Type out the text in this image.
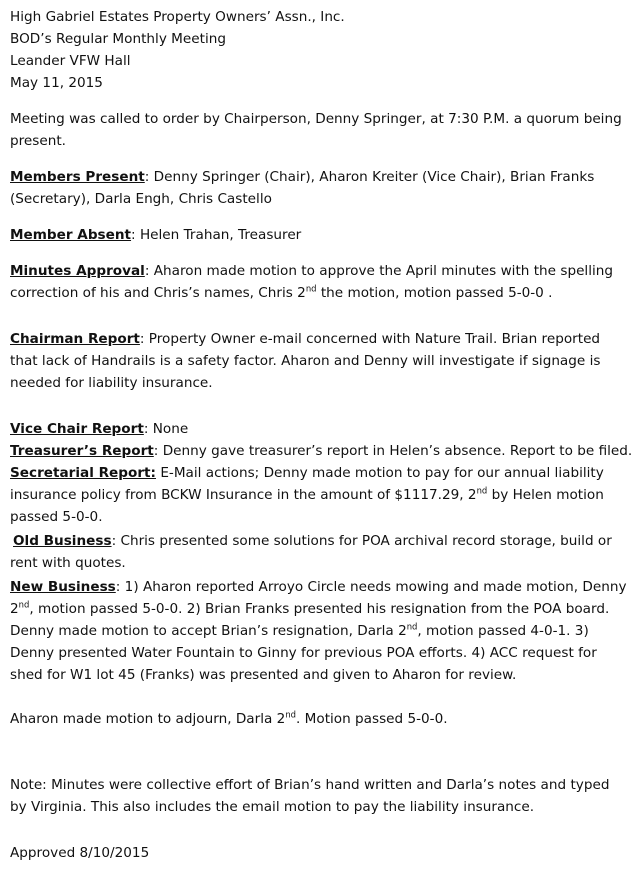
High Gabriel Estates Property Owners’ Assn., Inc.
BOD’s Regular Monthly Meeting
Leander VFW Hall
May 11, 2015
Meeting was called to order by Chairperson, Denny Springer, at 7:30 P.M. a quorum being
present.
Members Present: Denny Springer (Chair), Aharon Kreiter (Vice Chair), Brian Franks
(Secretary), Darla Engh, Chris Castello
Member Absent: Helen Trahan, Treasurer
Minutes Approval: Aharon made motion to approve the April minutes with the spelling
correction of his and Chris’s names, Chris 2nd the motion, motion passed 5-0-0 .
Chairman Report: Property Owner e-mail concerned with Nature Trail. Brian reported
that lack of Handrails is a safety factor. Aharon and Denny will investigate if signage is
needed for liability insurance.
Vice Chair Report: None
Treasurer’s Report: Denny gave treasurer’s report in Helen’s absence. Report to be filed.
Secretarial Report: E-Mail actions; Denny made motion to pay for our annual liability
insurance policy from BCKW Insurance in the amount of $1117.29, 2nd by Helen motion
passed 5-0-0.
Old Business: Chris presented some solutions for POA archival record storage, build or
rent with quotes.
New Business: 1) Aharon reported Arroyo Circle needs mowing and made motion, Denny
2nd, motion passed 5-0-0. 2) Brian Franks presented his resignation from the POA board.
Denny made motion to accept Brian’s resignation, Darla 2nd, motion passed 4-0-1. 3)
Denny presented Water Fountain to Ginny for previous POA efforts. 4) ACC request for
shed for W1 lot 45 (Franks) was presented and given to Aharon for review.
Aharon made motion to adjourn, Darla 2nd. Motion passed 5-0-0.
Note: Minutes were collective effort of Brian’s hand written and Darla’s notes and typed
by Virginia. This also includes the email motion to pay the liability insurance.
Approved 8/10/2015
